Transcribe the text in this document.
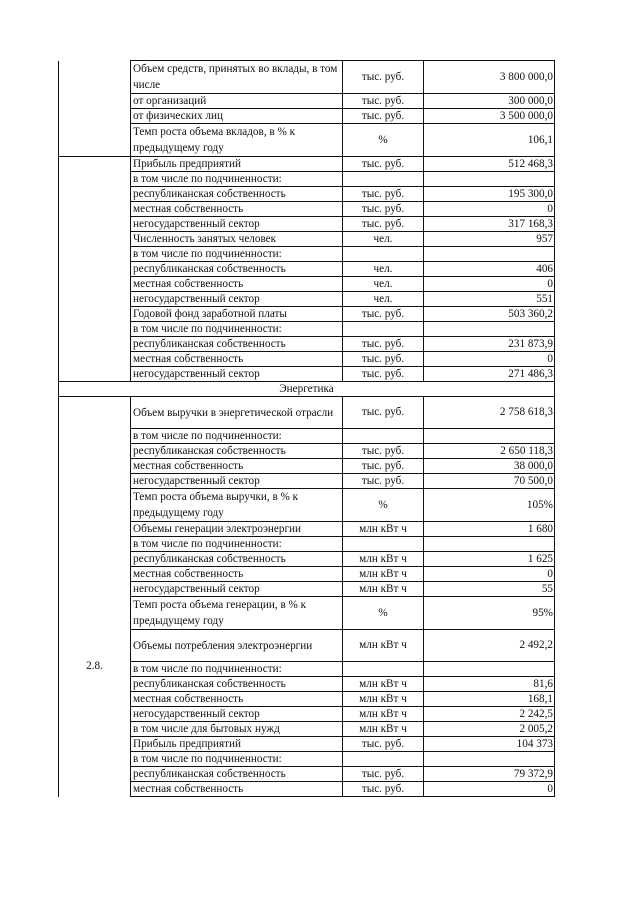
	Объем средств, принятых во вклады, в том числе	тыс. руб.	3 800 000,0
	от организаций	тыс. руб.	300 000,0
	от физических лиц	тыс. руб.	3 500 000,0
	Темп роста объема вкладов, в % к предыдущему году	%	106,1
	Прибыль предприятий	тыс. руб.	512 468,3
	в том числе по подчиненности:		
	республиканская собственность	тыс. руб.	195 300,0
	местная собственность	тыс. руб.	0
	негосударственный сектор	тыс. руб.	317 168,3
	Численность занятых человек	чел.	957
	в том числе по подчиненности:		
	республиканская собственность	чел.	406
	местная собственность	чел.	0
	негосударственный сектор	чел.	551
	Годовой фонд заработной платы	тыс. руб.	503 360,2
	в том числе по подчиненности:		
	республиканская собственность	тыс. руб.	231 873,9
	местная собственность	тыс. руб.	0
	негосударственный сектор	тыс. руб.	271 486,3
Энергетика			

2.8.	Объем выручки в энергетической отрасли	тыс. руб.	2 758 618,3
	в том числе по подчиненности:		
	республиканская собственность	тыс. руб.	2 650 118,3
	местная собственность	тыс. руб.	38 000,0
	негосударственный сектор	тыс. руб.	70 500,0
	Темп роста объема выручки, в % к предыдущему году	%	105%
	Объемы генерации электроэнергии	млн кВт ч	1 680
	в том числе по подчиненности:		
	республиканская собственность	млн кВт ч	1 625
	местная собственность	млн кВт ч	0
	негосударственный сектор	млн кВт ч	55
	Темп роста объема генерации, в % к предыдущему году	%	95%
	Объемы потребления электроэнергии	млн кВт ч	2 492,2
	в том числе по подчиненности:		
	республиканская собственность	млн кВт ч	81,6
	местная собственность	млн кВт ч	168,1
	негосударственный сектор	млн кВт ч	2 242,5
	в том числе для бытовых нужд	млн кВт ч	2 005,2
	Прибыль предприятий	тыс. руб.	104 373
	в том числе по подчиненности:		
	республиканская собственность	тыс. руб.	79 372,9
	местная собственность	тыс. руб.	0
